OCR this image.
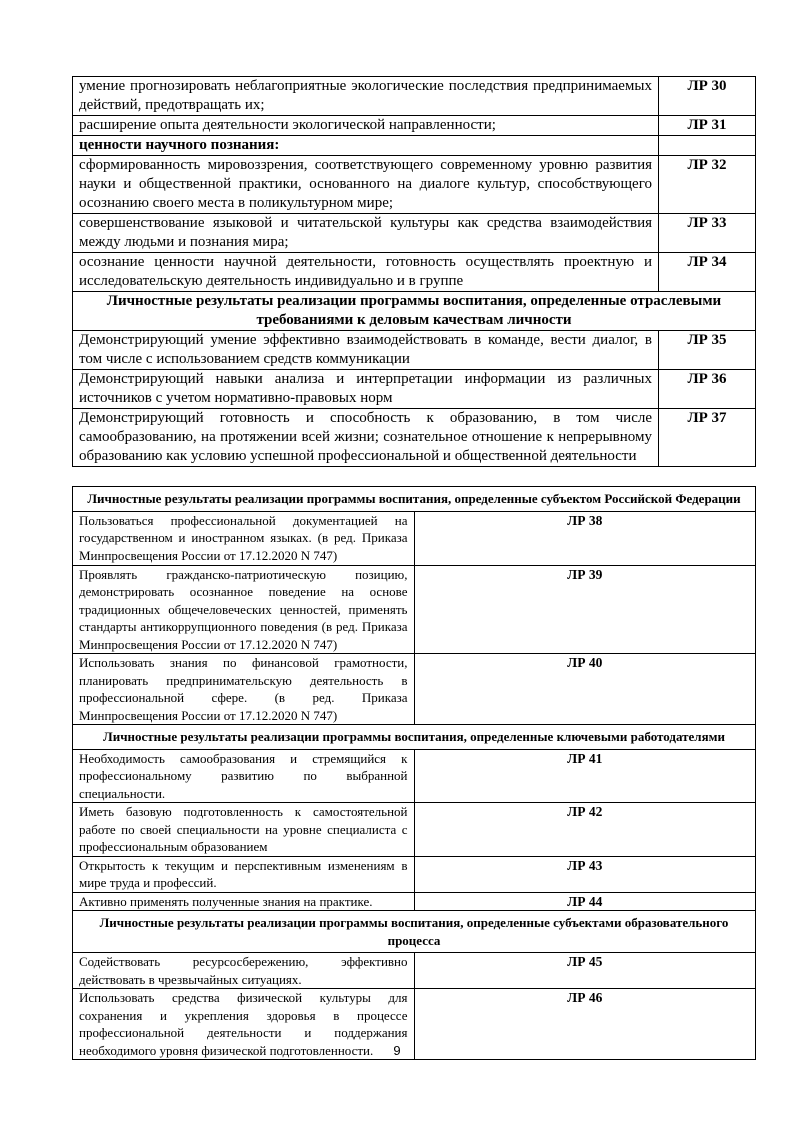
умение прогнозировать неблагоприятные экологические последствия предпринимаемых действий, предотвращать их;	ЛР 30
расширение опыта деятельности экологической направленности;	ЛР 31
ценности научного познания:	
сформированность мировоззрения, соответствующего современному уровню развития науки и общественной практики, основанного на диалоге культур, способствующего осознанию своего места в поликультурном мире;	ЛР 32
совершенствование языковой и читательской культуры как средства взаимодействия между людьми и познания мира;	ЛР 33
осознание ценности научной деятельности, готовность осуществлять проектную и исследовательскую деятельность индивидуально и в группе	ЛР 34
Личностные результаты реализации программы воспитания, определенные отраслевыми требованиями к деловым качествам личности	
Демонстрирующий умение эффективно взаимодействовать в команде, вести диалог, в том числе с использованием средств коммуникации	ЛР 35
Демонстрирующий навыки анализа и интерпретации информации из различных источников с учетом нормативно-правовых норм	ЛР 36
Демонстрирующий готовность и способность к образованию, в том числе самообразованию, на протяжении всей жизни; сознательное отношение к непрерывному образованию как условию успешной профессиональной и общественной деятельности	ЛР 37
Личностные результаты реализации программы воспитания, определенные субъектом Российской Федерации	
Пользоваться профессиональной документацией на государственном и иностранном языках. (в ред. Приказа Минпросвещения России от 17.12.2020 N 747)	ЛР 38
Проявлять гражданско-патриотическую позицию, демонстрировать осознанное поведение на основе традиционных общечеловеческих ценностей, применять стандарты антикоррупционного поведения (в ред. Приказа Минпросвещения России от 17.12.2020 N 747)	ЛР 39
Использовать знания по финансовой грамотности, планировать предпринимательскую деятельность в профессиональной сфере. (в ред. Приказа Минпросвещения России от 17.12.2020 N 747)	ЛР 40
Личностные результаты реализации программы воспитания, определенные ключевыми работодателями	
Необходимость самообразования и стремящийся к профессиональному развитию по выбранной специальности.	ЛР 41
Иметь базовую подготовленность к самостоятельной работе по своей специальности на уровне специалиста с профессиональным образованием	ЛР 42
Открытость к текущим и перспективным изменениям в мире труда и профессий.	ЛР 43
Активно применять полученные знания на практике.	ЛР 44
Личностные результаты реализации программы воспитания, определенные субъектами образовательного процесса	
Содействовать ресурсосбережению, эффективно действовать в чрезвычайных ситуациях.	ЛР 45
Использовать средства физической культуры для сохранения и укрепления здоровья в процессе профессиональной деятельности и поддержания необходимого уровня физической подготовленности.	ЛР 46
9
